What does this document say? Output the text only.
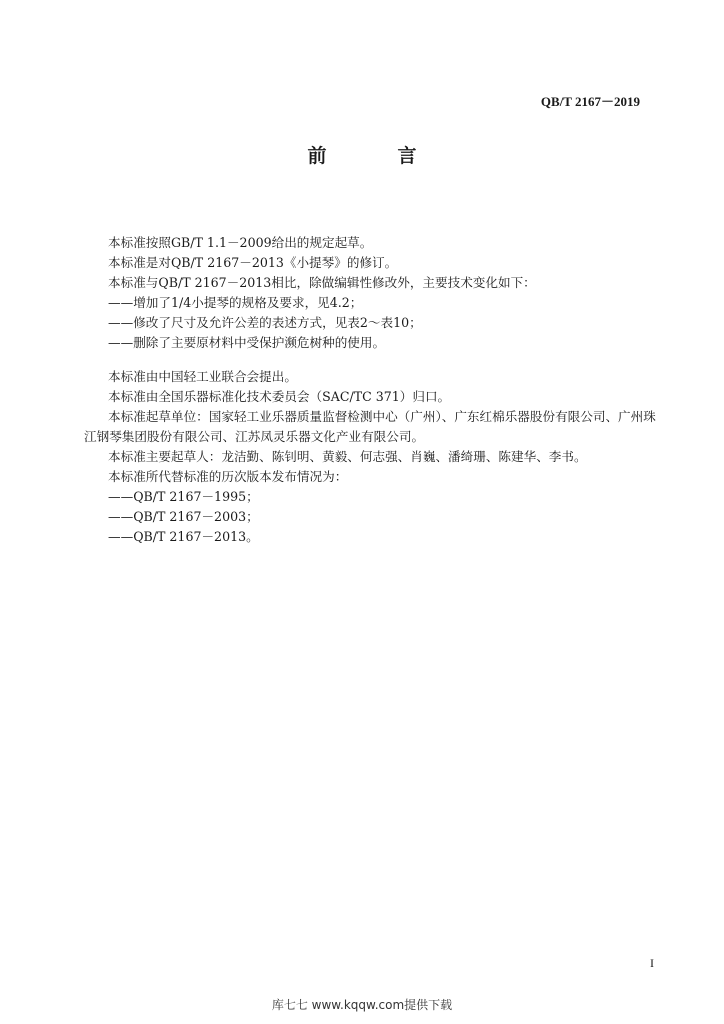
QB/T 2167－2019
前　言

本标准按照GB/T 1.1－2009给出的规定起草。

本标准是对QB/T 2167－2013《小提琴》的修订。

本标准与QB/T 2167－2013相比，除做编辑性修改外，主要技术变化如下：

——增加了1/4小提琴的规格及要求，见4.2；

——修改了尺寸及允许公差的表述方式，见表2～表10；

——删除了主要原材料中受保护濒危树种的使用。

本标准由中国轻工业联合会提出。

本标准由全国乐器标准化技术委员会（SAC/TC 371）归口。

本标准起草单位：国家轻工业乐器质量监督检测中心（广州）、广东红棉乐器股份有限公司、广州珠江钢琴集团股份有限公司、江苏凤灵乐器文化产业有限公司。

本标准主要起草人：龙洁勤、陈钊明、黄毅、何志强、肖巍、潘绮珊、陈建华、李书。

本标准所代替标准的历次版本发布情况为：

——QB/T 2167－1995；

——QB/T 2167－2003；

——QB/T 2167－2013。

I
库七七 www.kqqw.com提供下载
